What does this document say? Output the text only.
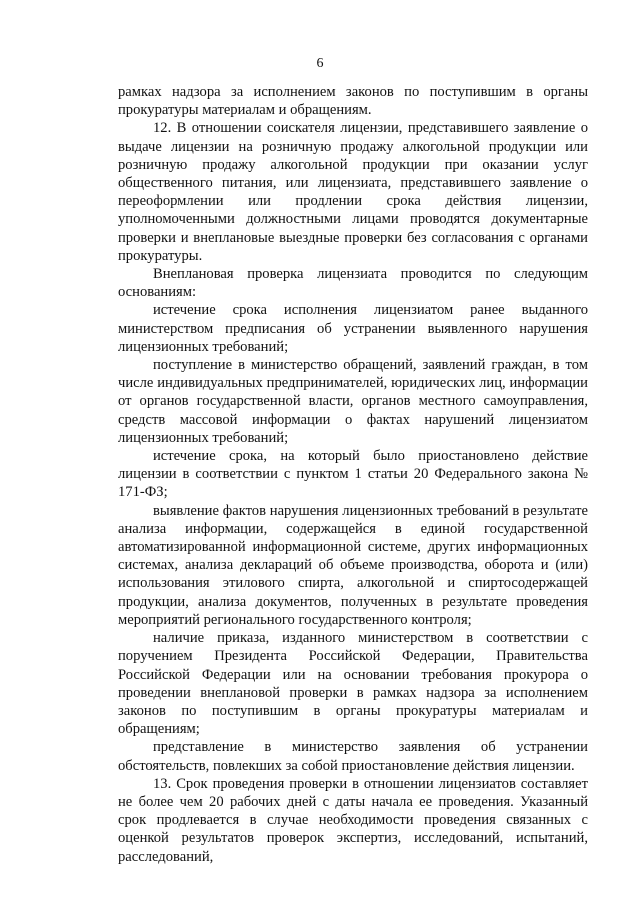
6

рамках надзора за исполнением законов по поступившим в органы прокуратуры материалам и обращениям.

12. В отношении соискателя лицензии, представившего заявление о выдаче лицензии на розничную продажу алкогольной продукции или розничную продажу алкогольной продукции при оказании услуг общественного питания, или лицензиата, представившего заявление о переоформлении или продлении срока действия лицензии, уполномоченными должностными лицами проводятся документарные проверки и внеплановые выездные проверки без согласования с органами прокуратуры.

Внеплановая проверка лицензиата проводится по следующим основаниям:

истечение срока исполнения лицензиатом ранее выданного министерством предписания об устранении выявленного нарушения лицензионных требований;

поступление в министерство обращений, заявлений граждан, в том числе индивидуальных предпринимателей, юридических лиц, информации от органов государственной власти, органов местного самоуправления, средств массовой информации о фактах нарушений лицензиатом лицензионных требований;

истечение срока, на который было приостановлено действие лицензии в соответствии с пунктом 1 статьи 20 Федерального закона № 171-ФЗ;

выявление фактов нарушения лицензионных требований в результате анализа информации, содержащейся в единой государственной автоматизированной информационной системе, других информационных системах, анализа деклараций об объеме производства, оборота и (или) использования этилового спирта, алкогольной и спиртосодержащей продукции, анализа документов, полученных в результате проведения мероприятий регионального государственного контроля;

наличие приказа, изданного министерством в соответствии с поручением Президента Российской Федерации, Правительства Российской Федерации или на основании требования прокурора о проведении внеплановой проверки в рамках надзора за исполнением законов по поступившим в органы прокуратуры материалам и обращениям;

представление в министерство заявления об устранении обстоятельств, повлекших за собой приостановление действия лицензии.

13. Срок проведения проверки в отношении лицензиатов составляет не более чем 20 рабочих дней с даты начала ее проведения. Указанный срок продлевается в случае необходимости проведения связанных с оценкой результатов проверок экспертиз, исследований, испытаний, расследований,
